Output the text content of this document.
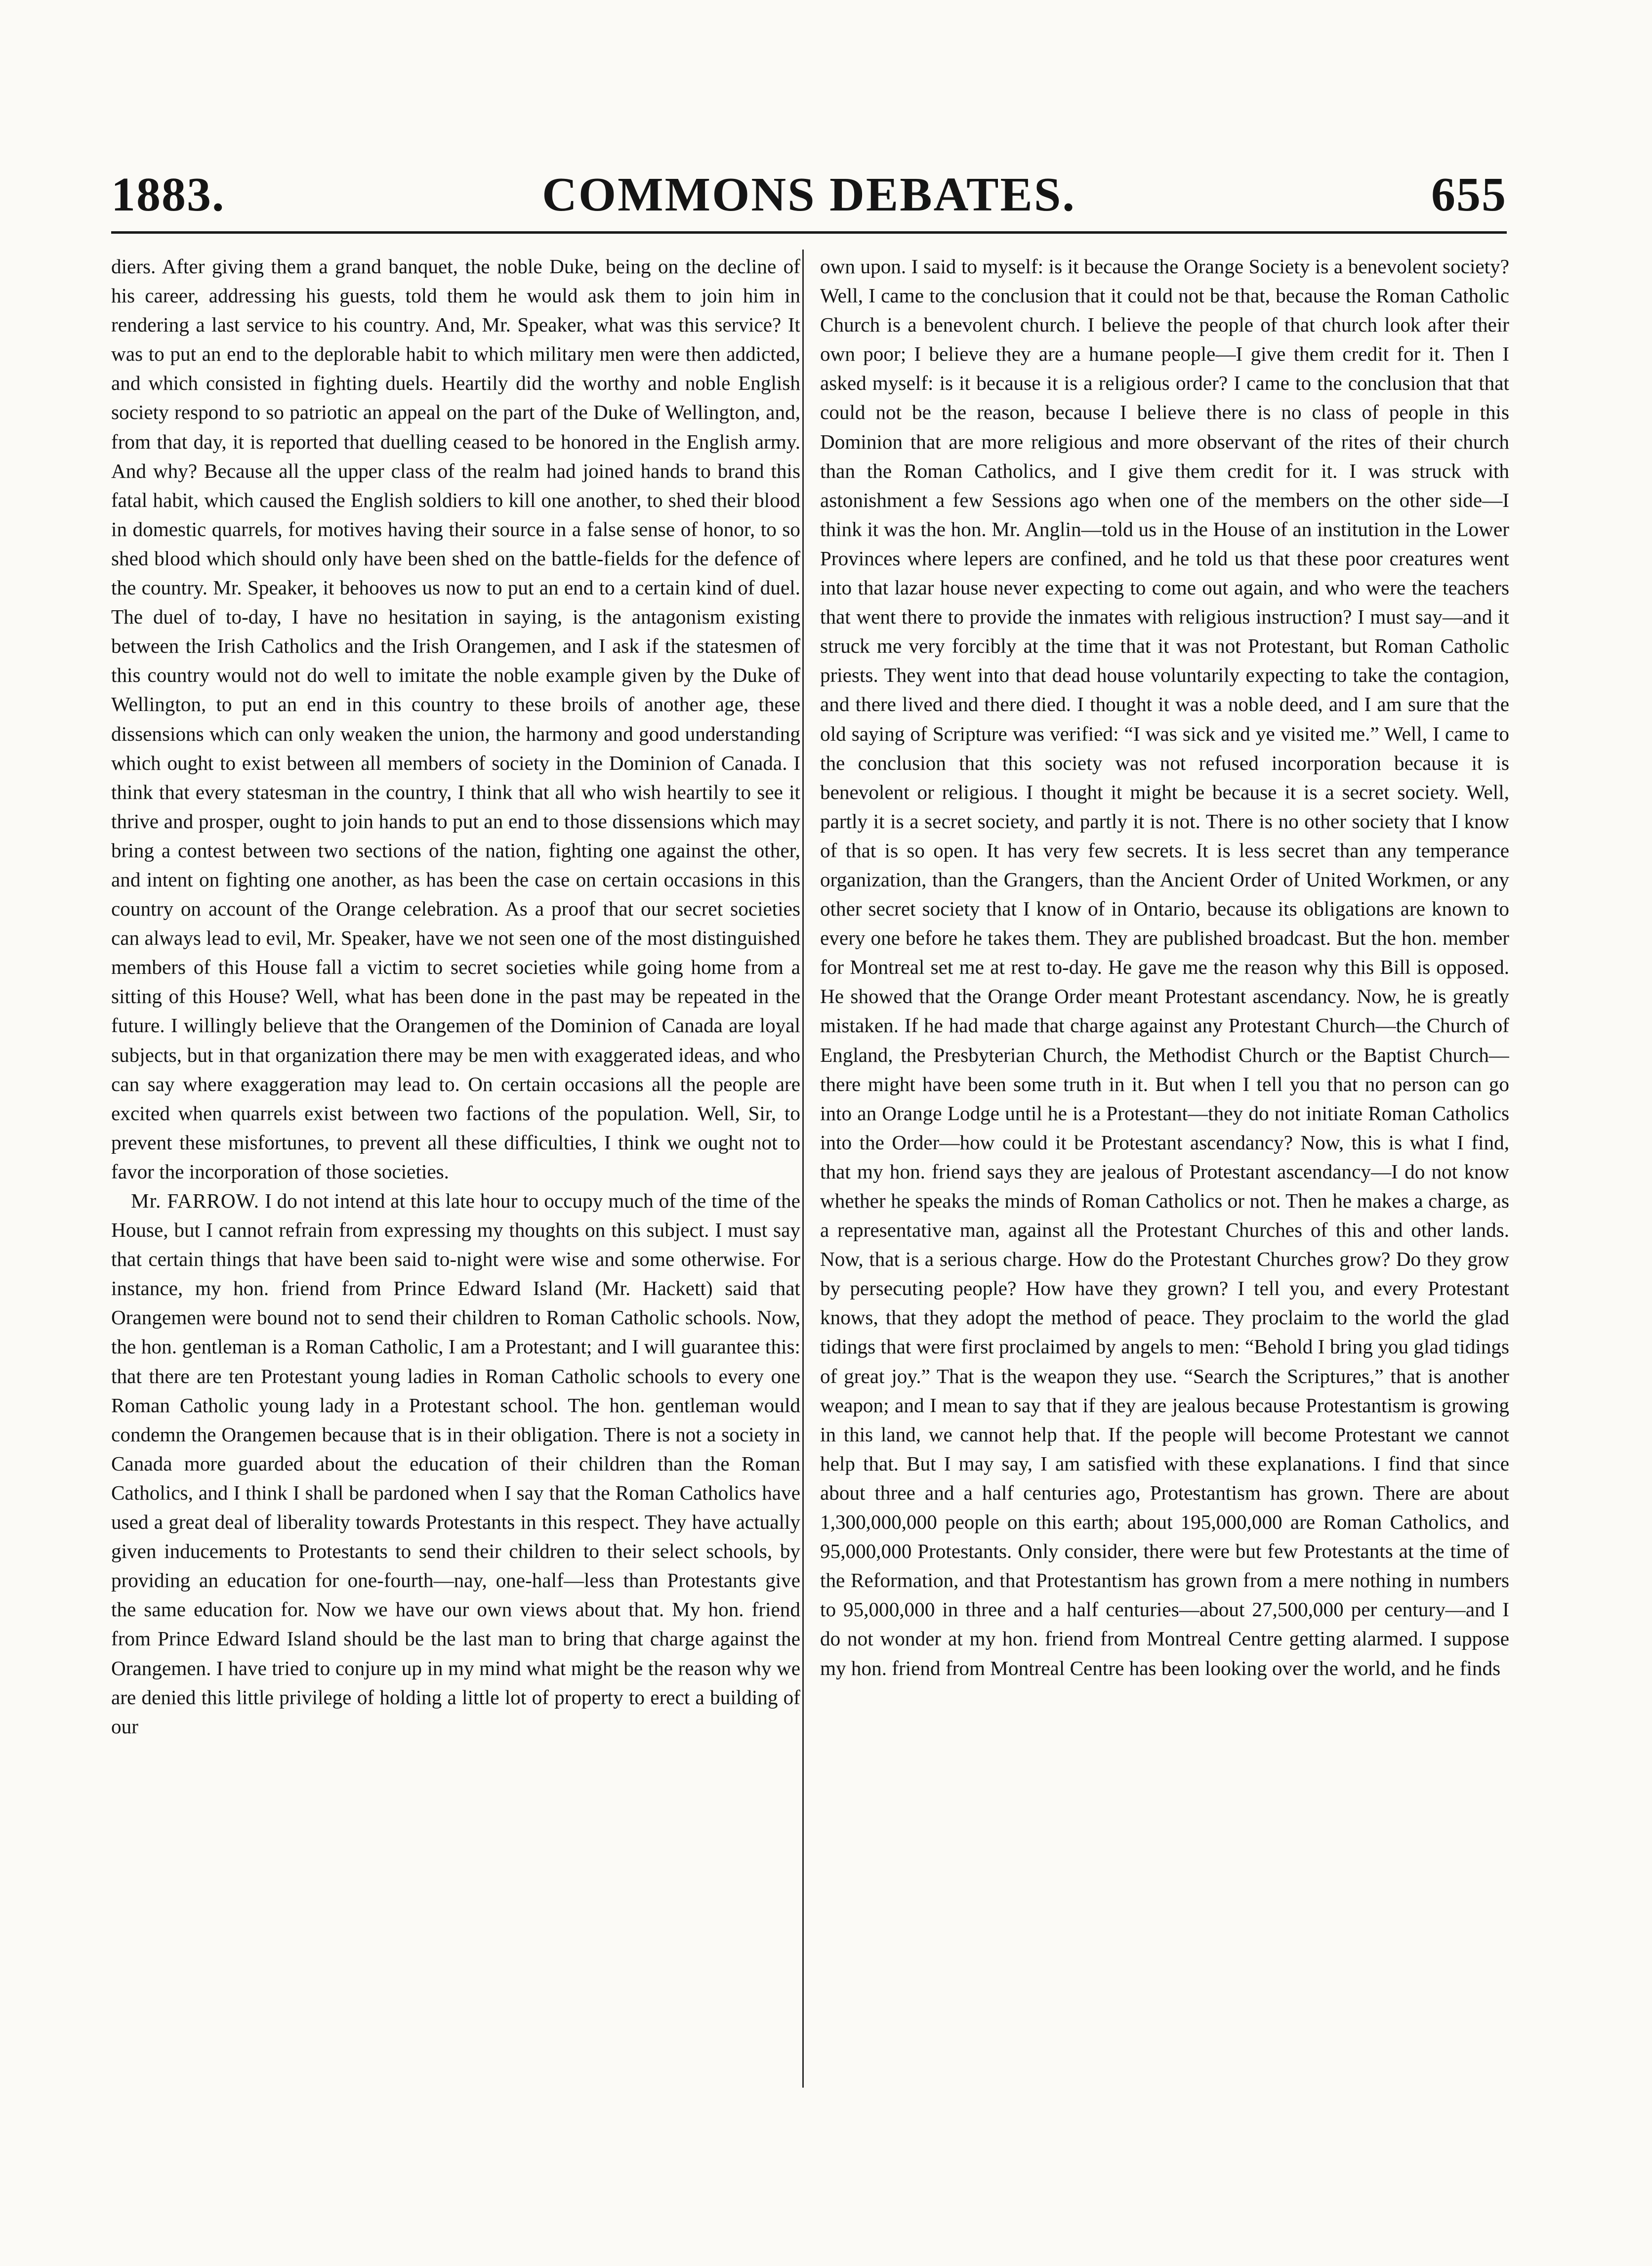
1883.	COMMONS DEBATES.	655

diers. After giving them a grand banquet, the noble Duke, being on the decline of his career, addressing his guests, told them he would ask them to join him in rendering a last service to his country. And, Mr. Speaker, what was this service? It was to put an end to the deplorable habit to which military men were then addicted, and which consisted in fighting duels. Heartily did the worthy and noble English society respond to so patriotic an appeal on the part of the Duke of Wellington, and, from that day, it is reported that duelling ceased to be honored in the English army. And why? Because all the upper class of the realm had joined hands to brand this fatal habit, which caused the English soldiers to kill one another, to shed their blood in domestic quarrels, for motives having their source in a false sense of honor, to so shed blood which should only have been shed on the battle-fields for the defence of the country. Mr. Speaker, it behooves us now to put an end to a certain kind of duel. The duel of to-day, I have no hesitation in saying, is the antagonism existing between the Irish Catholics and the Irish Orangemen, and I ask if the statesmen of this country would not do well to imitate the noble example given by the Duke of Wellington, to put an end in this country to these broils of another age, these dissensions which can only weaken the union, the harmony and good understanding which ought to exist between all members of society in the Dominion of Canada. I think that every statesman in the country, I think that all who wish heartily to see it thrive and prosper, ought to join hands to put an end to those dissensions which may bring a contest between two sections of the nation, fighting one against the other, and intent on fighting one another, as has been the case on certain occasions in this country on account of the Orange celebration. As a proof that our secret societies can always lead to evil, Mr. Speaker, have we not seen one of the most distinguished members of this House fall a victim to secret societies while going home from a sitting of this House? Well, what has been done in the past may be repeated in the future. I willingly believe that the Orangemen of the Dominion of Canada are loyal subjects, but in that organization there may be men with exaggerated ideas, and who can say where exaggeration may lead to. On certain occasions all the people are excited when quarrels exist between two factions of the population. Well, Sir, to prevent these misfortunes, to prevent all these difficulties, I think we ought not to favor the incorporation of those societies.

Mr. FARROW. I do not intend at this late hour to occupy much of the time of the House, but I cannot refrain from expressing my thoughts on this subject. I must say that certain things that have been said to-night were wise and some otherwise. For instance, my hon. friend from Prince Edward Island (Mr. Hackett) said that Orangemen were bound not to send their children to Roman Catholic schools. Now, the hon. gentleman is a Roman Catholic, I am a Protestant; and I will guarantee this: that there are ten Protestant young ladies in Roman Catholic schools to every one Roman Catholic young lady in a Protestant school. The hon. gentleman would condemn the Orangemen because that is in their obligation. There is not a society in Canada more guarded about the education of their children than the Roman Catholics, and I think I shall be pardoned when I say that the Roman Catholics have used a great deal of liberality towards Protestants in this respect. They have actually given inducements to Protestants to send their children to their select schools, by providing an education for one-fourth—nay, one-half—less than Protestants give the same education for. Now we have our own views about that. My hon. friend from Prince Edward Island should be the last man to bring that charge against the Orangemen. I have tried to conjure up in my mind what might be the reason why we are denied this little privilege of holding a little lot of property to erect a building of our

own upon. I said to myself: is it because the Orange Society is a benevolent society? Well, I came to the conclusion that it could not be that, because the Roman Catholic Church is a benevolent church. I believe the people of that church look after their own poor; I believe they are a humane people—I give them credit for it. Then I asked myself: is it because it is a religious order? I came to the conclusion that that could not be the reason, because I believe there is no class of people in this Dominion that are more religious and more observant of the rites of their church than the Roman Catholics, and I give them credit for it. I was struck with astonishment a few Sessions ago when one of the members on the other side—I think it was the hon. Mr. Anglin—told us in the House of an institution in the Lower Provinces where lepers are confined, and he told us that these poor creatures went into that lazar house never expecting to come out again, and who were the teachers that went there to provide the inmates with religious instruction? I must say—and it struck me very forcibly at the time that it was not Protestant, but Roman Catholic priests. They went into that dead house voluntarily expecting to take the contagion, and there lived and there died. I thought it was a noble deed, and I am sure that the old saying of Scripture was verified: “I was sick and ye visited me.” Well, I came to the conclusion that this society was not refused incorporation because it is benevolent or religious. I thought it might be because it is a secret society. Well, partly it is a secret society, and partly it is not. There is no other society that I know of that is so open. It has very few secrets. It is less secret than any temperance organization, than the Grangers, than the Ancient Order of United Workmen, or any other secret society that I know of in Ontario, because its obligations are known to every one before he takes them. They are published broadcast. But the hon. member for Montreal set me at rest to-day. He gave me the reason why this Bill is opposed. He showed that the Orange Order meant Protestant ascendancy. Now, he is greatly mistaken. If he had made that charge against any Protestant Church—the Church of England, the Presbyterian Church, the Methodist Church or the Baptist Church—there might have been some truth in it. But when I tell you that no person can go into an Orange Lodge until he is a Protestant—they do not initiate Roman Catholics into the Order—how could it be Protestant ascendancy? Now, this is what I find, that my hon. friend says they are jealous of Protestant ascendancy—I do not know whether he speaks the minds of Roman Catholics or not. Then he makes a charge, as a representative man, against all the Protestant Churches of this and other lands. Now, that is a serious charge. How do the Protestant Churches grow? Do they grow by persecuting people? How have they grown? I tell you, and every Protestant knows, that they adopt the method of peace. They proclaim to the world the glad tidings that were first proclaimed by angels to men: “Behold I bring you glad tidings of great joy.” That is the weapon they use. “Search the Scriptures,” that is another weapon; and I mean to say that if they are jealous because Protestantism is growing in this land, we cannot help that. If the people will become Protestant we cannot help that. But I may say, I am satisfied with these explanations. I find that since about three and a half centuries ago, Protestantism has grown. There are about 1,300,000,000 people on this earth; about 195,000,000 are Roman Catholics, and 95,000,000 Protestants. Only consider, there were but few Protestants at the time of the Reformation, and that Protestantism has grown from a mere nothing in numbers to 95,000,000 in three and a half centuries—about 27,500,000 per century—and I do not wonder at my hon. friend from Montreal Centre getting alarmed. I suppose my hon. friend from Montreal Centre has been looking over the world, and he finds
